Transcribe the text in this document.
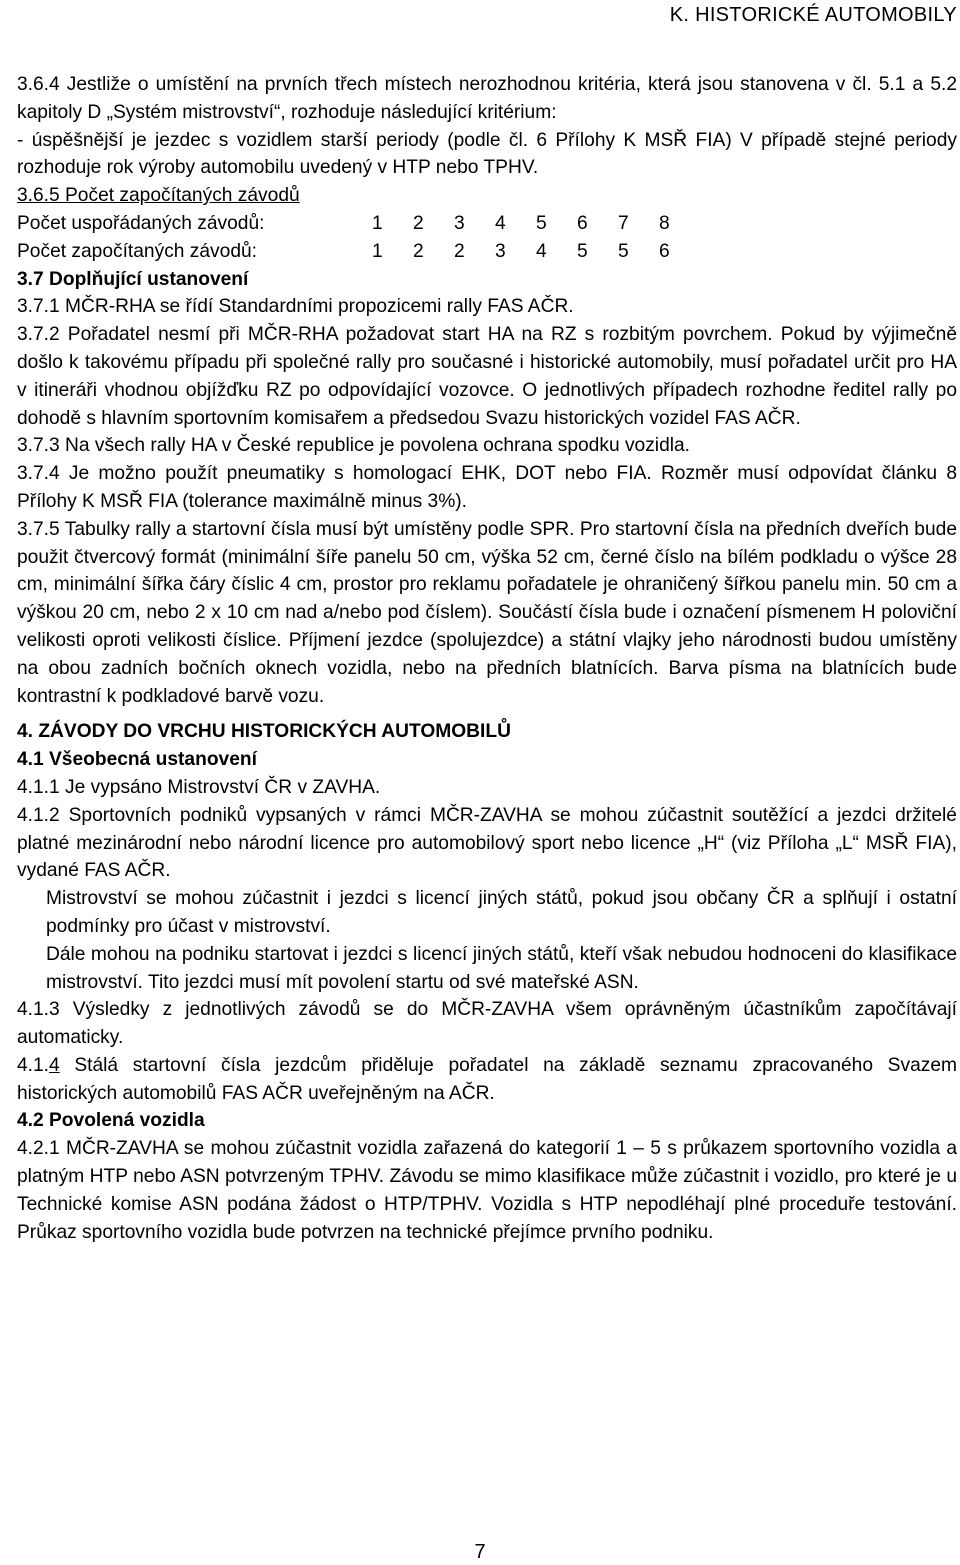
K. HISTORICKÉ AUTOMOBILY

3.6.4 Jestliže o umístění na prvních třech místech nerozhodnou kritéria, která jsou stanovena v čl. 5.1 a 5.2 kapitoly D „Systém mistrovství“, rozhoduje následující kritérium:

- úspěšnější je jezdec s vozidlem starší periody (podle čl. 6 Přílohy K MSŘ FIA) V případě stejné periody rozhoduje rok výroby automobilu uvedený v HTP nebo TPHV.

3.6.5 Počet započítaných závodů

Počet uspořádaných závodů:	1 2 3 4 5 6 7 8

Počet započítaných závodů:	1 2 2 3 4 5 5 6

3.7 Doplňující ustanovení

3.7.1 MČR-RHA se řídí Standardními propozicemi rally FAS AČR.

3.7.2 Pořadatel nesmí při MČR-RHA požadovat start HA na RZ s rozbitým povrchem. Pokud by výjimečně došlo k takovému případu při společné rally pro současné i historické automobily, musí pořadatel určit pro HA v itineráři vhodnou objížďku RZ po odpovídající vozovce. O jednotlivých případech rozhodne ředitel rally po dohodě s hlavním sportovním komisařem a předsedou Svazu historických vozidel FAS AČR.

3.7.3 Na všech rally HA v České republice je povolena ochrana spodku vozidla.

3.7.4 Je možno použít pneumatiky s homologací EHK, DOT nebo FIA. Rozměr musí odpovídat článku 8 Přílohy K MSŘ FIA (tolerance maximálně minus 3%).

3.7.5 Tabulky rally a startovní čísla musí být umístěny podle SPR. Pro startovní čísla na předních dveřích bude použit čtvercový formát (minimální šíře panelu 50 cm, výška 52 cm, černé číslo na bílém podkladu o výšce 28 cm, minimální šířka čáry číslic 4 cm, prostor pro reklamu pořadatele je ohraničený šířkou panelu min. 50 cm a výškou 20 cm, nebo 2 x 10 cm nad a/nebo pod číslem). Součástí čísla bude i označení písmenem H poloviční velikosti oproti velikosti číslice. Příjmení jezdce (spolujezdce) a státní vlajky jeho národnosti budou umístěny na obou zadních bočních oknech vozidla, nebo na předních blatnících. Barva písma na blatnících bude kontrastní k podkladové barvě vozu.

4. ZÁVODY DO VRCHU HISTORICKÝCH AUTOMOBILŮ

4.1 Všeobecná ustanovení

4.1.1 Je vypsáno Mistrovství ČR v ZAVHA.

4.1.2 Sportovních podniků vypsaných v rámci MČR-ZAVHA se mohou zúčastnit soutěžící a jezdci držitelé platné mezinárodní nebo národní licence pro automobilový sport nebo licence „H“ (viz Příloha „L“ MSŘ FIA), vydané FAS AČR.

Mistrovství se mohou zúčastnit i jezdci s licencí jiných států, pokud jsou občany ČR a splňují i ostatní podmínky pro účast v mistrovství.

Dále mohou na podniku startovat i jezdci s licencí jiných států, kteří však nebudou hodnoceni do klasifikace mistrovství. Tito jezdci musí mít povolení startu od své mateřské ASN.

4.1.3 Výsledky z jednotlivých závodů se do MČR-ZAVHA všem oprávněným účastníkům započítávají automaticky.

4.1.4 Stálá startovní čísla jezdcům přiděluje pořadatel na základě seznamu zpracovaného Svazem historických automobilů FAS AČR uveřejněným na AČR.

4.2 Povolená vozidla

4.2.1 MČR-ZAVHA se mohou zúčastnit vozidla zařazená do kategorií 1 – 5 s průkazem sportovního vozidla a platným HTP nebo ASN potvrzeným TPHV. Závodu se mimo klasifikace může zúčastnit i vozidlo, pro které je u Technické komise ASN podána žádost o HTP/TPHV. Vozidla s HTP nepodléhají plné proceduře testování. Průkaz sportovního vozidla bude potvrzen na technické přejímce prvního podniku.

7
